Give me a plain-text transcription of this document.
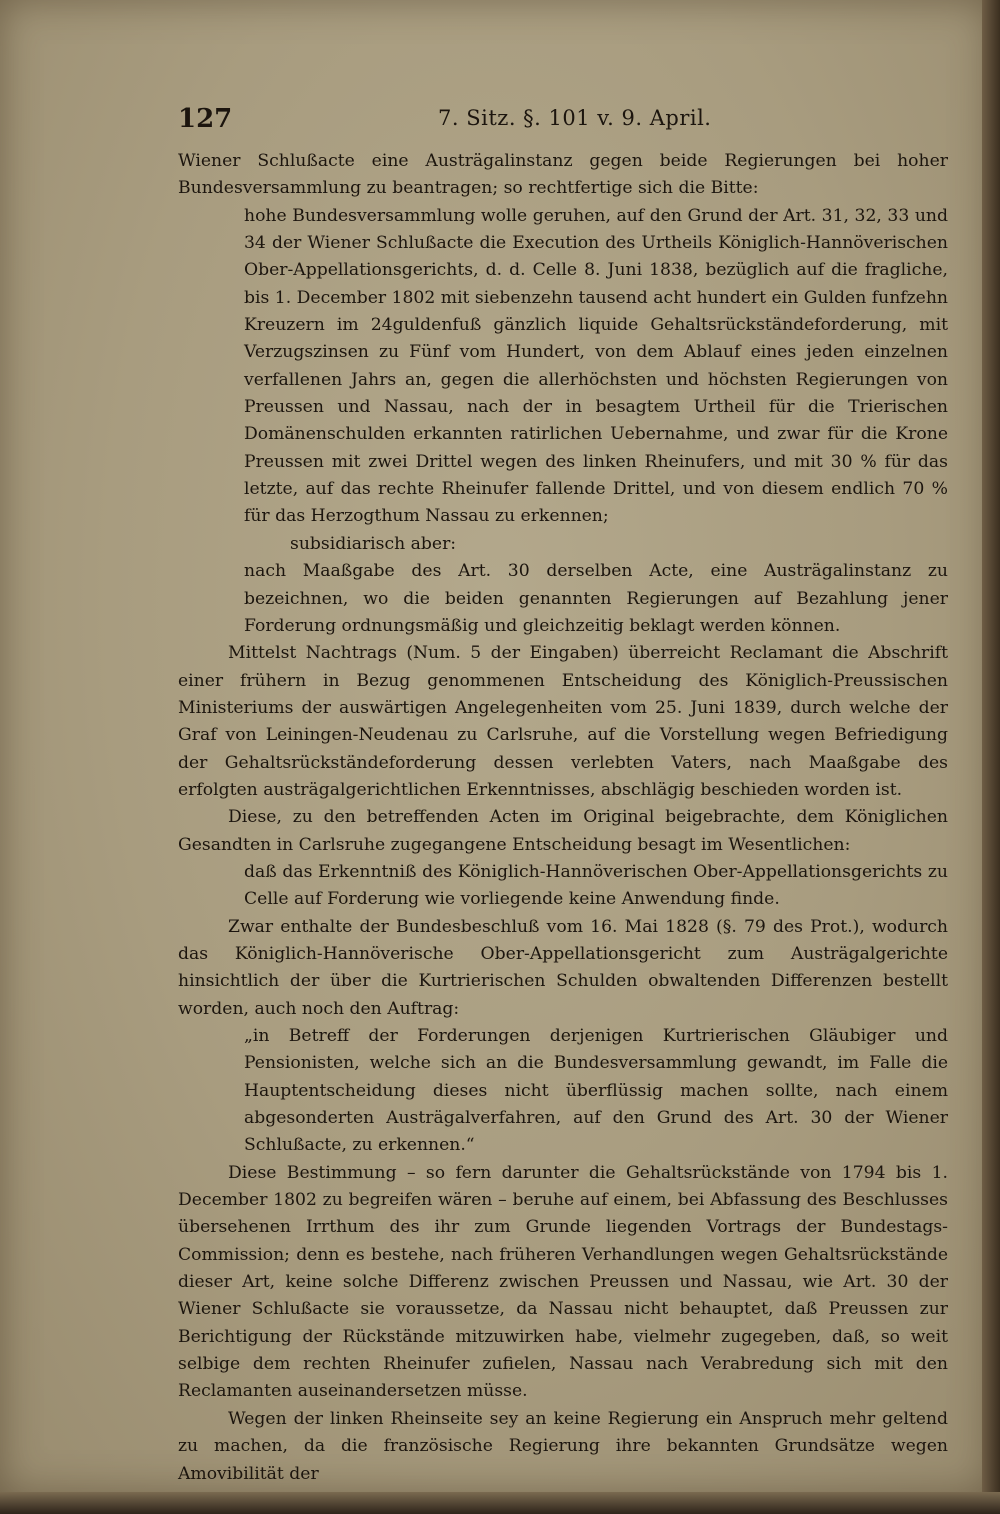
127	7. Sitz. §. 101 v. 9. April.

Wiener Schlußacte eine Austrägalinstanz gegen beide Regierungen bei hoher Bundesversammlung zu beantragen; so rechtfertige sich die Bitte:

hohe Bundesversammlung wolle geruhen, auf den Grund der Art. 31, 32, 33 und 34 der Wiener Schlußacte die Execution des Urtheils Königlich-Hannöverischen Ober-Appellationsgerichts, d. d. Celle 8. Juni 1838, bezüglich auf die fragliche, bis 1. December 1802 mit siebenzehn tausend acht hundert ein Gulden funfzehn Kreuzern im 24guldenfuß gänzlich liquide Gehaltsrückständeforderung, mit Verzugszinsen zu Fünf vom Hundert, von dem Ablauf eines jeden einzelnen verfallenen Jahrs an, gegen die allerhöchsten und höchsten Regierungen von Preussen und Nassau, nach der in besagtem Urtheil für die Trierischen Domänenschulden erkannten ratirlichen Uebernahme, und zwar für die Krone Preussen mit zwei Drittel wegen des linken Rheinufers, und mit 30 % für das letzte, auf das rechte Rheinufer fallende Drittel, und von diesem endlich 70 % für das Herzogthum Nassau zu erkennen;

subsidiarisch aber:

nach Maaßgabe des Art. 30 derselben Acte, eine Austrägalinstanz zu bezeichnen, wo die beiden genannten Regierungen auf Bezahlung jener Forderung ordnungsmäßig und gleichzeitig beklagt werden können.

Mittelst Nachtrags (Num. 5 der Eingaben) überreicht Reclamant die Abschrift einer frühern in Bezug genommenen Entscheidung des Königlich-Preussischen Ministeriums der auswärtigen Angelegenheiten vom 25. Juni 1839, durch welche der Graf von Leiningen-Neudenau zu Carlsruhe, auf die Vorstellung wegen Befriedigung der Gehaltsrückständeforderung dessen verlebten Vaters, nach Maaßgabe des erfolgten austrägalgerichtlichen Erkenntnisses, abschlägig beschieden worden ist.

Diese, zu den betreffenden Acten im Original beigebrachte, dem Königlichen Gesandten in Carlsruhe zugegangene Entscheidung besagt im Wesentlichen:

daß das Erkenntniß des Königlich-Hannöverischen Ober-Appellationsgerichts zu Celle auf Forderung wie vorliegende keine Anwendung finde.

Zwar enthalte der Bundesbeschluß vom 16. Mai 1828 (§. 79 des Prot.), wodurch das Königlich-Hannöverische Ober-Appellationsgericht zum Austrägalgerichte hinsichtlich der über die Kurtrierischen Schulden obwaltenden Differenzen bestellt worden, auch noch den Auftrag:

„in Betreff der Forderungen derjenigen Kurtrierischen Gläubiger und Pensionisten, welche sich an die Bundesversammlung gewandt, im Falle die Hauptentscheidung dieses nicht überflüssig machen sollte, nach einem abgesonderten Austrägalverfahren, auf den Grund des Art. 30 der Wiener Schlußacte, zu erkennen.“

Diese Bestimmung – so fern darunter die Gehaltsrückstände von 1794 bis 1. December 1802 zu begreifen wären – beruhe auf einem, bei Abfassung des Beschlusses übersehenen Irrthum des ihr zum Grunde liegenden Vortrags der Bundestags-Commission; denn es bestehe, nach früheren Verhandlungen wegen Gehaltsrückstände dieser Art, keine solche Differenz zwischen Preussen und Nassau, wie Art. 30 der Wiener Schlußacte sie voraussetze, da Nassau nicht behauptet, daß Preussen zur Berichtigung der Rückstände mitzuwirken habe, vielmehr zugegeben, daß, so weit selbige dem rechten Rheinufer zufielen, Nassau nach Verabredung sich mit den Reclamanten auseinandersetzen müsse.

Wegen der linken Rheinseite sey an keine Regierung ein Anspruch mehr geltend zu machen, da die französische Regierung ihre bekannten Grundsätze wegen Amovibilität der
